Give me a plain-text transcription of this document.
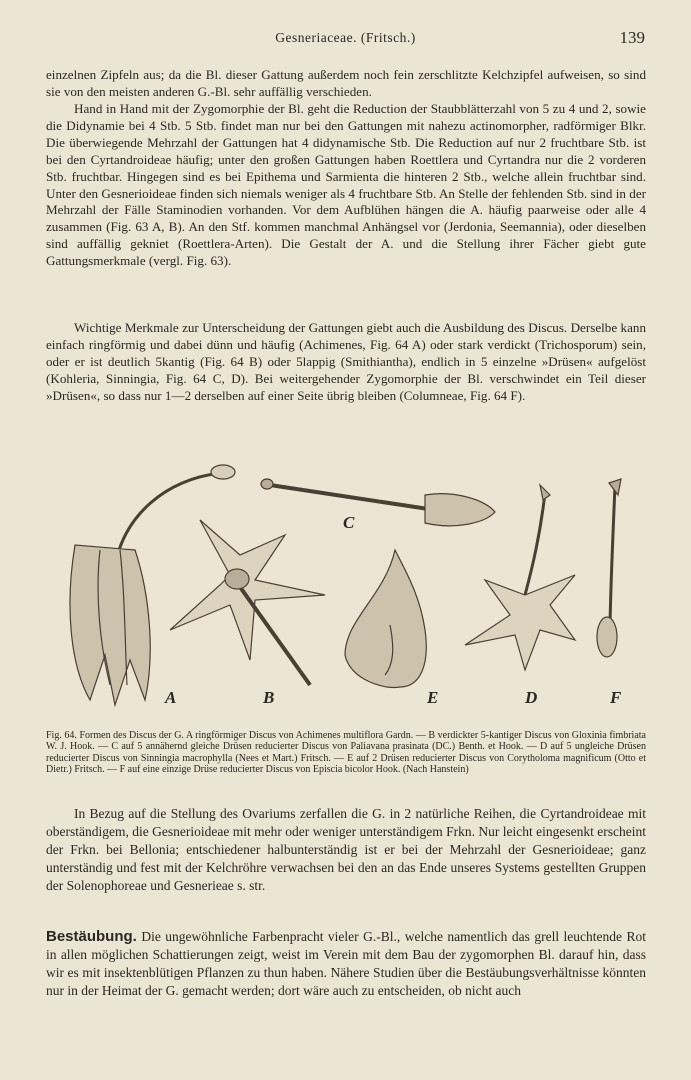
Gesneriaceae. (Fritsch.)	139

einzelnen Zipfeln aus; da die Bl. dieser Gattung außerdem noch fein zerschlitzte Kelchzipfel aufweisen, so sind sie von den meisten anderen G.-Bl. sehr auffällig verschieden.

Hand in Hand mit der Zygomorphie der Bl. geht die Reduction der Staubblätterzahl von 5 zu 4 und 2, sowie die Didynamie bei 4 Stb. 5 Stb. findet man nur bei den Gattungen mit nahezu actinomorpher, radförmiger Blkr. Die überwiegende Mehrzahl der Gattungen hat 4 didynamische Stb. Die Reduction auf nur 2 fruchtbare Stb. ist bei den Cyrtandroideae häufig; unter den großen Gattungen haben Roettlera und Cyrtandra nur die 2 vorderen Stb. fruchtbar. Hingegen sind es bei Epithema und Sarmienta die hinteren 2 Stb., welche allein fruchtbar sind. Unter den Gesnerioideae finden sich niemals weniger als 4 fruchtbare Stb. An Stelle der fehlenden Stb. sind in der Mehrzahl der Fälle Staminodien vorhanden. Vor dem Aufblühen hängen die A. häufig paarweise oder alle 4 zusammen (Fig. 63 A, B). An den Stf. kommen manchmal Anhängsel vor (Jerdonia, Seemannia), oder dieselben sind auffällig gekniet (Roettlera-Arten). Die Gestalt der A. und die Stellung ihrer Fächer giebt gute Gattungsmerkmale (vergl. Fig. 63).

Wichtige Merkmale zur Unterscheidung der Gattungen giebt auch die Ausbildung des Discus. Derselbe kann einfach ringförmig und dabei dünn und häufig (Achimenes, Fig. 64 A) oder stark verdickt (Trichosporum) sein, oder er ist deutlich 5kantig (Fig. 64 B) oder 5lappig (Smithiantha), endlich in 5 einzelne »Drüsen« aufgelöst (Kohleria, Sinningia, Fig. 64 C, D). Bei weitergehender Zygomorphie der Bl. verschwindet ein Teil dieser »Drüsen«, so dass nur 1—2 derselben auf einer Seite übrig bleiben (Columneae, Fig. 64 F).

A	B
C
E	D	F

Fig. 64. Formen des Discus der G. A ringförmiger Discus von Achimenes multiflora Gardn. — B verdickter 5-kantiger Discus von Gloxinia fimbriata W. J. Hook. — C auf 5 annähernd gleiche Drüsen reducierter Discus von Paliavana prasinata (DC.) Benth. et Hook. — D auf 5 ungleiche Drüsen reducierter Discus von Sinningia macrophylla (Nees et Mart.) Fritsch. — E auf 2 Drüsen reducierter Discus von Corytholoma magnificum (Otto et Dietr.) Fritsch. — F auf eine einzige Drüse reducierter Discus von Episcia bicolor Hook. (Nach Hanstein)

In Bezug auf die Stellung des Ovariums zerfallen die G. in 2 natürliche Reihen, die Cyrtandroideae mit oberständigem, die Gesnerioideae mit mehr oder weniger unterständigem Frkn. Nur leicht eingesenkt erscheint der Frkn. bei Bellonia; entschiedener halbunterständig ist er bei der Mehrzahl der Gesnerioideae; ganz unterständig und fest mit der Kelchröhre verwachsen bei den an das Ende unseres Systems gestellten Gruppen der Solenophoreae und Gesnerieae s. str.

Bestäubung. Die ungewöhnliche Farbenpracht vieler G.-Bl., welche namentlich das grell leuchtende Rot in allen möglichen Schattierungen zeigt, weist im Verein mit dem Bau der zygomorphen Bl. darauf hin, dass wir es mit insektenblütigen Pflanzen zu thun haben. Nähere Studien über die Bestäubungsverhältnisse könnten nur in der Heimat der G. gemacht werden; dort wäre auch zu entscheiden, ob nicht auch
